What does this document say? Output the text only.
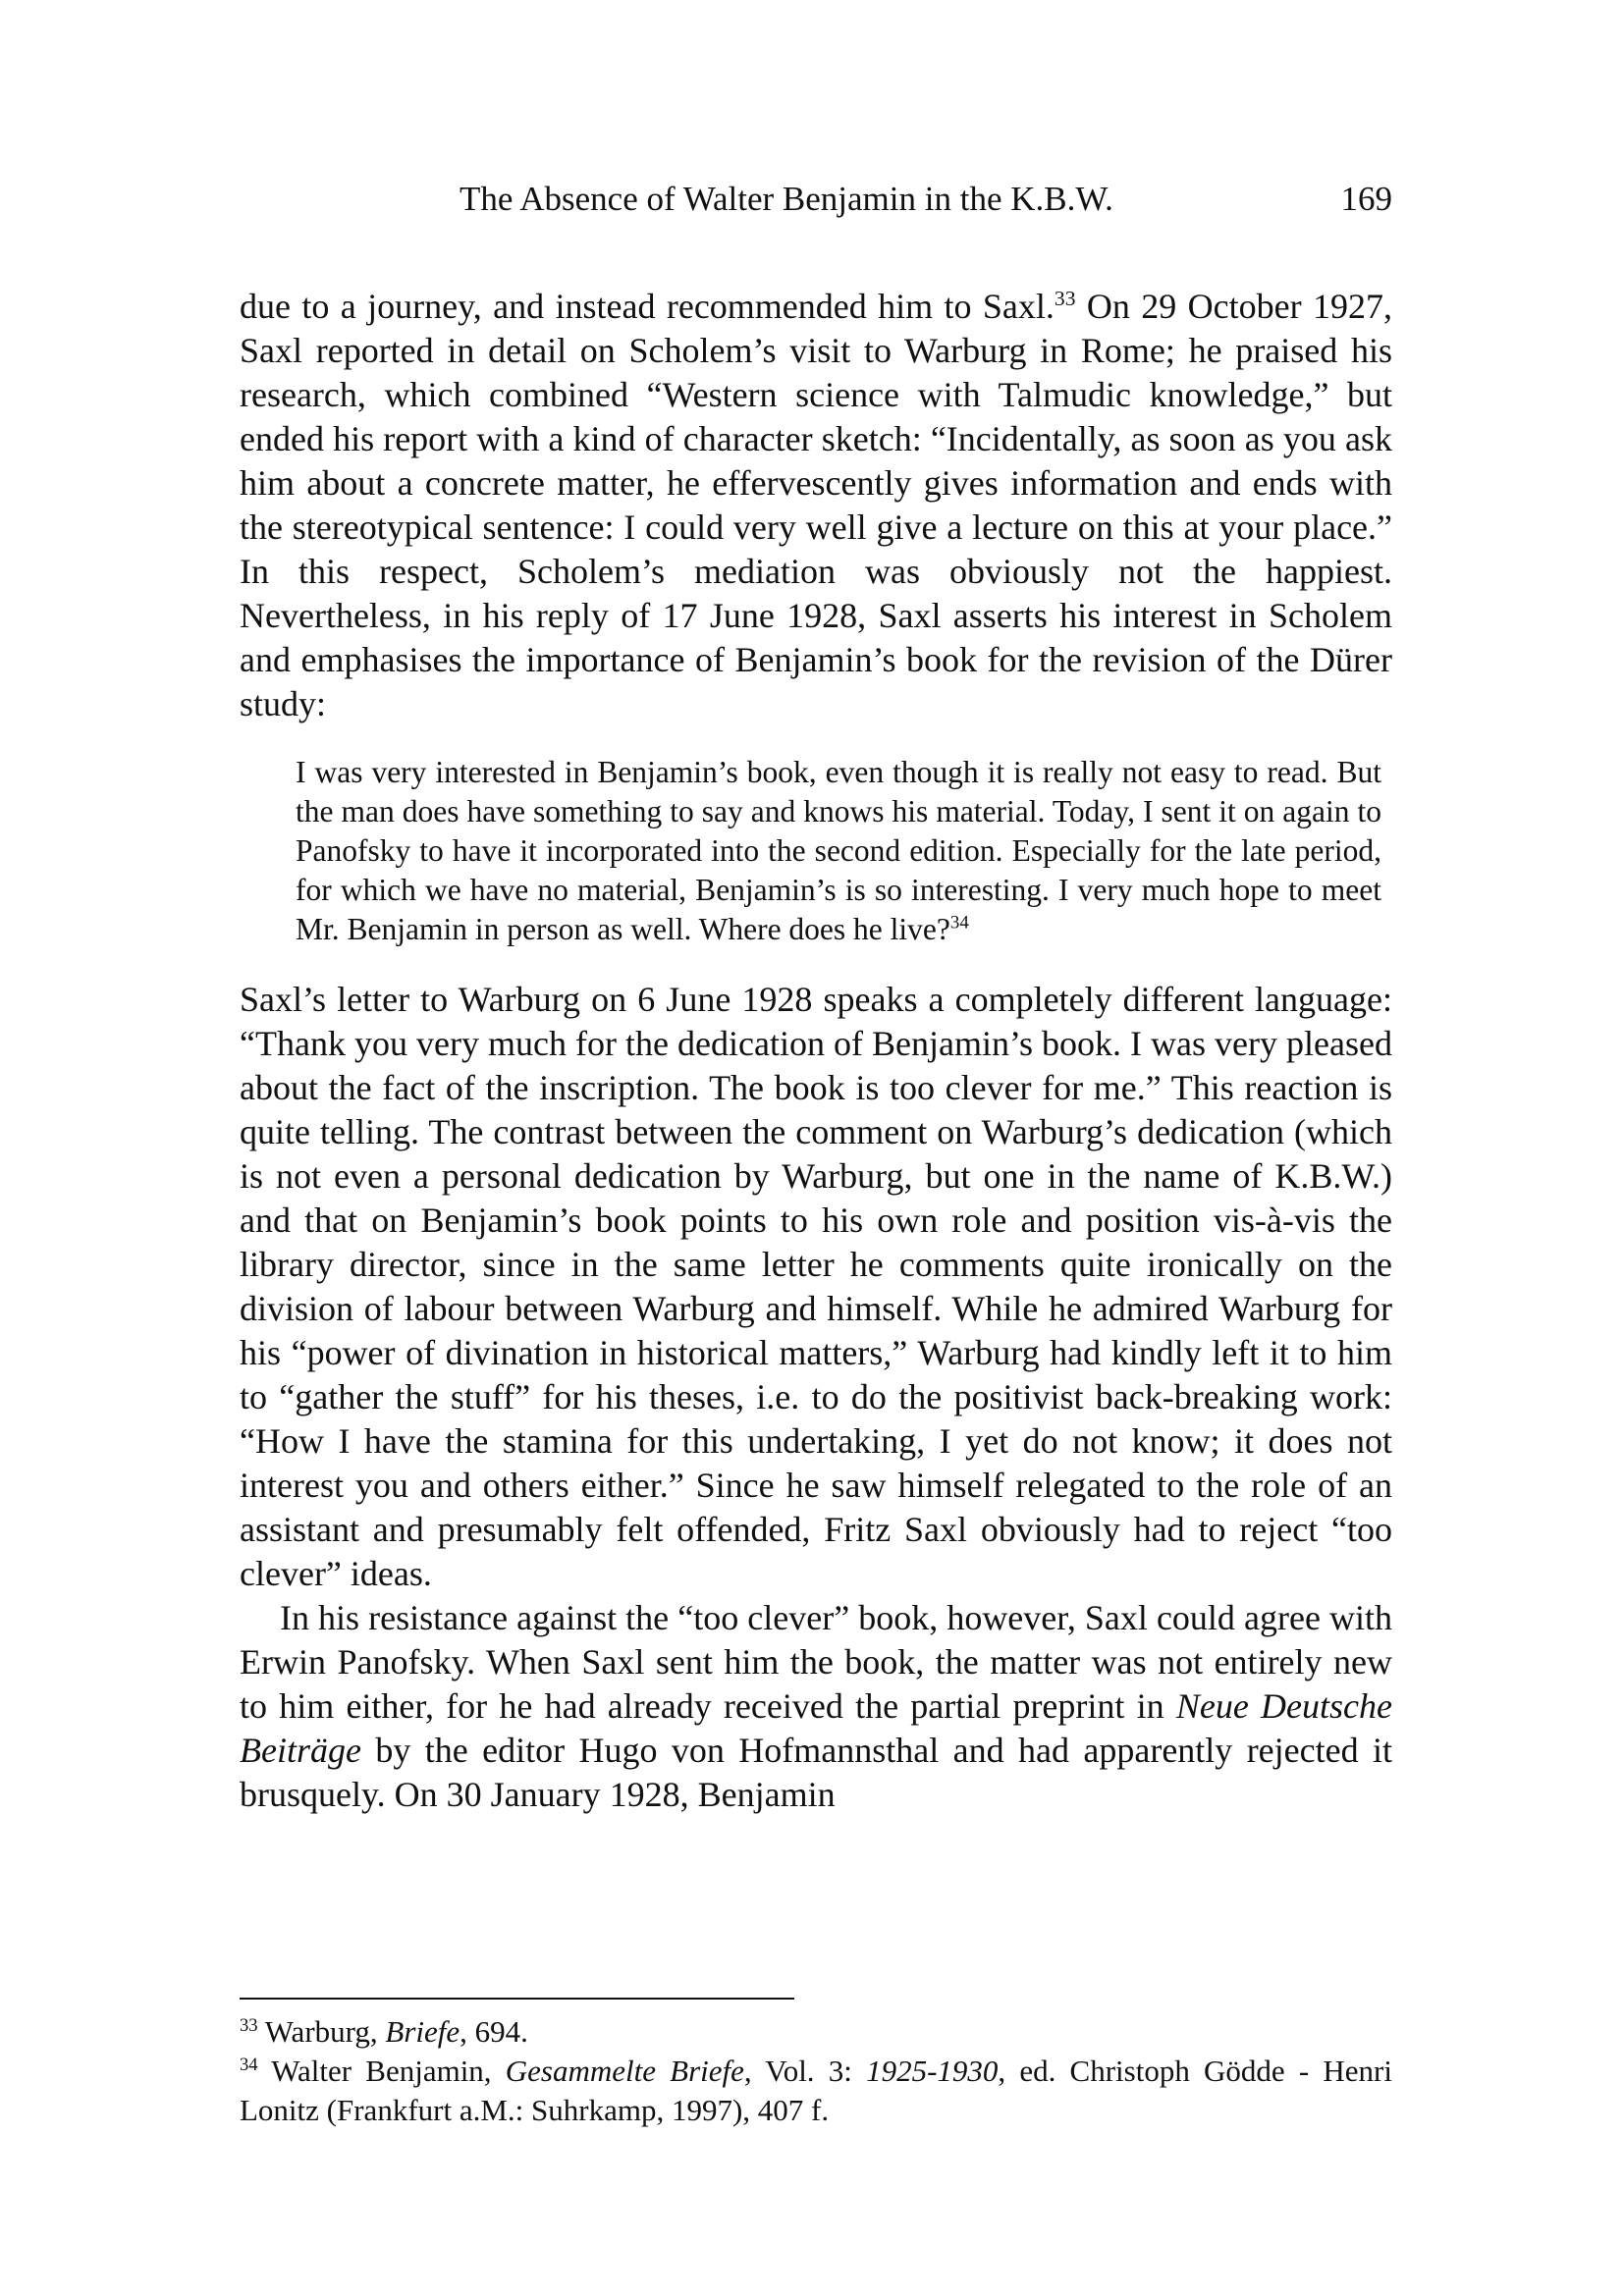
The Absence of Walter Benjamin in the K.B.W.	169

due to a journey, and instead recommended him to Saxl.$^{33}$ On 29 October 1927, Saxl reported in detail on Scholem’s visit to Warburg in Rome; he praised his research, which combined “Western science with Talmudic knowledge,” but ended his report with a kind of character sketch: “Incidentally, as soon as you ask him about a concrete matter, he effervescently gives information and ends with the stereotypical sentence: I could very well give a lecture on this at your place.” In this respect, Scholem’s mediation was obviously not the happiest. Nevertheless, in his reply of 17 June 1928, Saxl asserts his interest in Scholem and emphasises the importance of Benjamin’s book for the revision of the Dürer study:

I was very interested in Benjamin’s book, even though it is really not easy to read. But the man does have something to say and knows his material. Today, I sent it on again to Panofsky to have it incorporated into the second edition. Especially for the late period, for which we have no material, Benjamin’s is so interesting. I very much hope to meet Mr. Benjamin in person as well. Where does he live?$^{34}$

Saxl’s letter to Warburg on 6 June 1928 speaks a completely different language: “Thank you very much for the dedication of Benjamin’s book. I was very pleased about the fact of the inscription. The book is too clever for me.” This reaction is quite telling. The contrast between the comment on Warburg’s dedication (which is not even a personal dedication by Warburg, but one in the name of K.B.W.) and that on Benjamin’s book points to his own role and position vis-à-vis the library director, since in the same letter he comments quite ironically on the division of labour between Warburg and himself. While he admired Warburg for his “power of divination in historical matters,” Warburg had kindly left it to him to “gather the stuff” for his theses, i.e. to do the positivist back-breaking work: “How I have the stamina for this undertaking, I yet do not know; it does not interest you and others either.” Since he saw himself relegated to the role of an assistant and presumably felt offended, Fritz Saxl obviously had to reject “too clever” ideas.

In his resistance against the “too clever” book, however, Saxl could agree with Erwin Panofsky. When Saxl sent him the book, the matter was not entirely new to him either, for he had already received the partial preprint in Neue Deutsche Beiträge by the editor Hugo von Hofmannsthal and had apparently rejected it brusquely. On 30 January 1928, Benjamin

$^{33}$ Warburg, Briefe, 694.

$^{34}$ Walter Benjamin, Gesammelte Briefe, Vol. 3: 1925-1930, ed. Christoph Gödde - Henri Lonitz (Frankfurt a.M.: Suhrkamp, 1997), 407 f.
